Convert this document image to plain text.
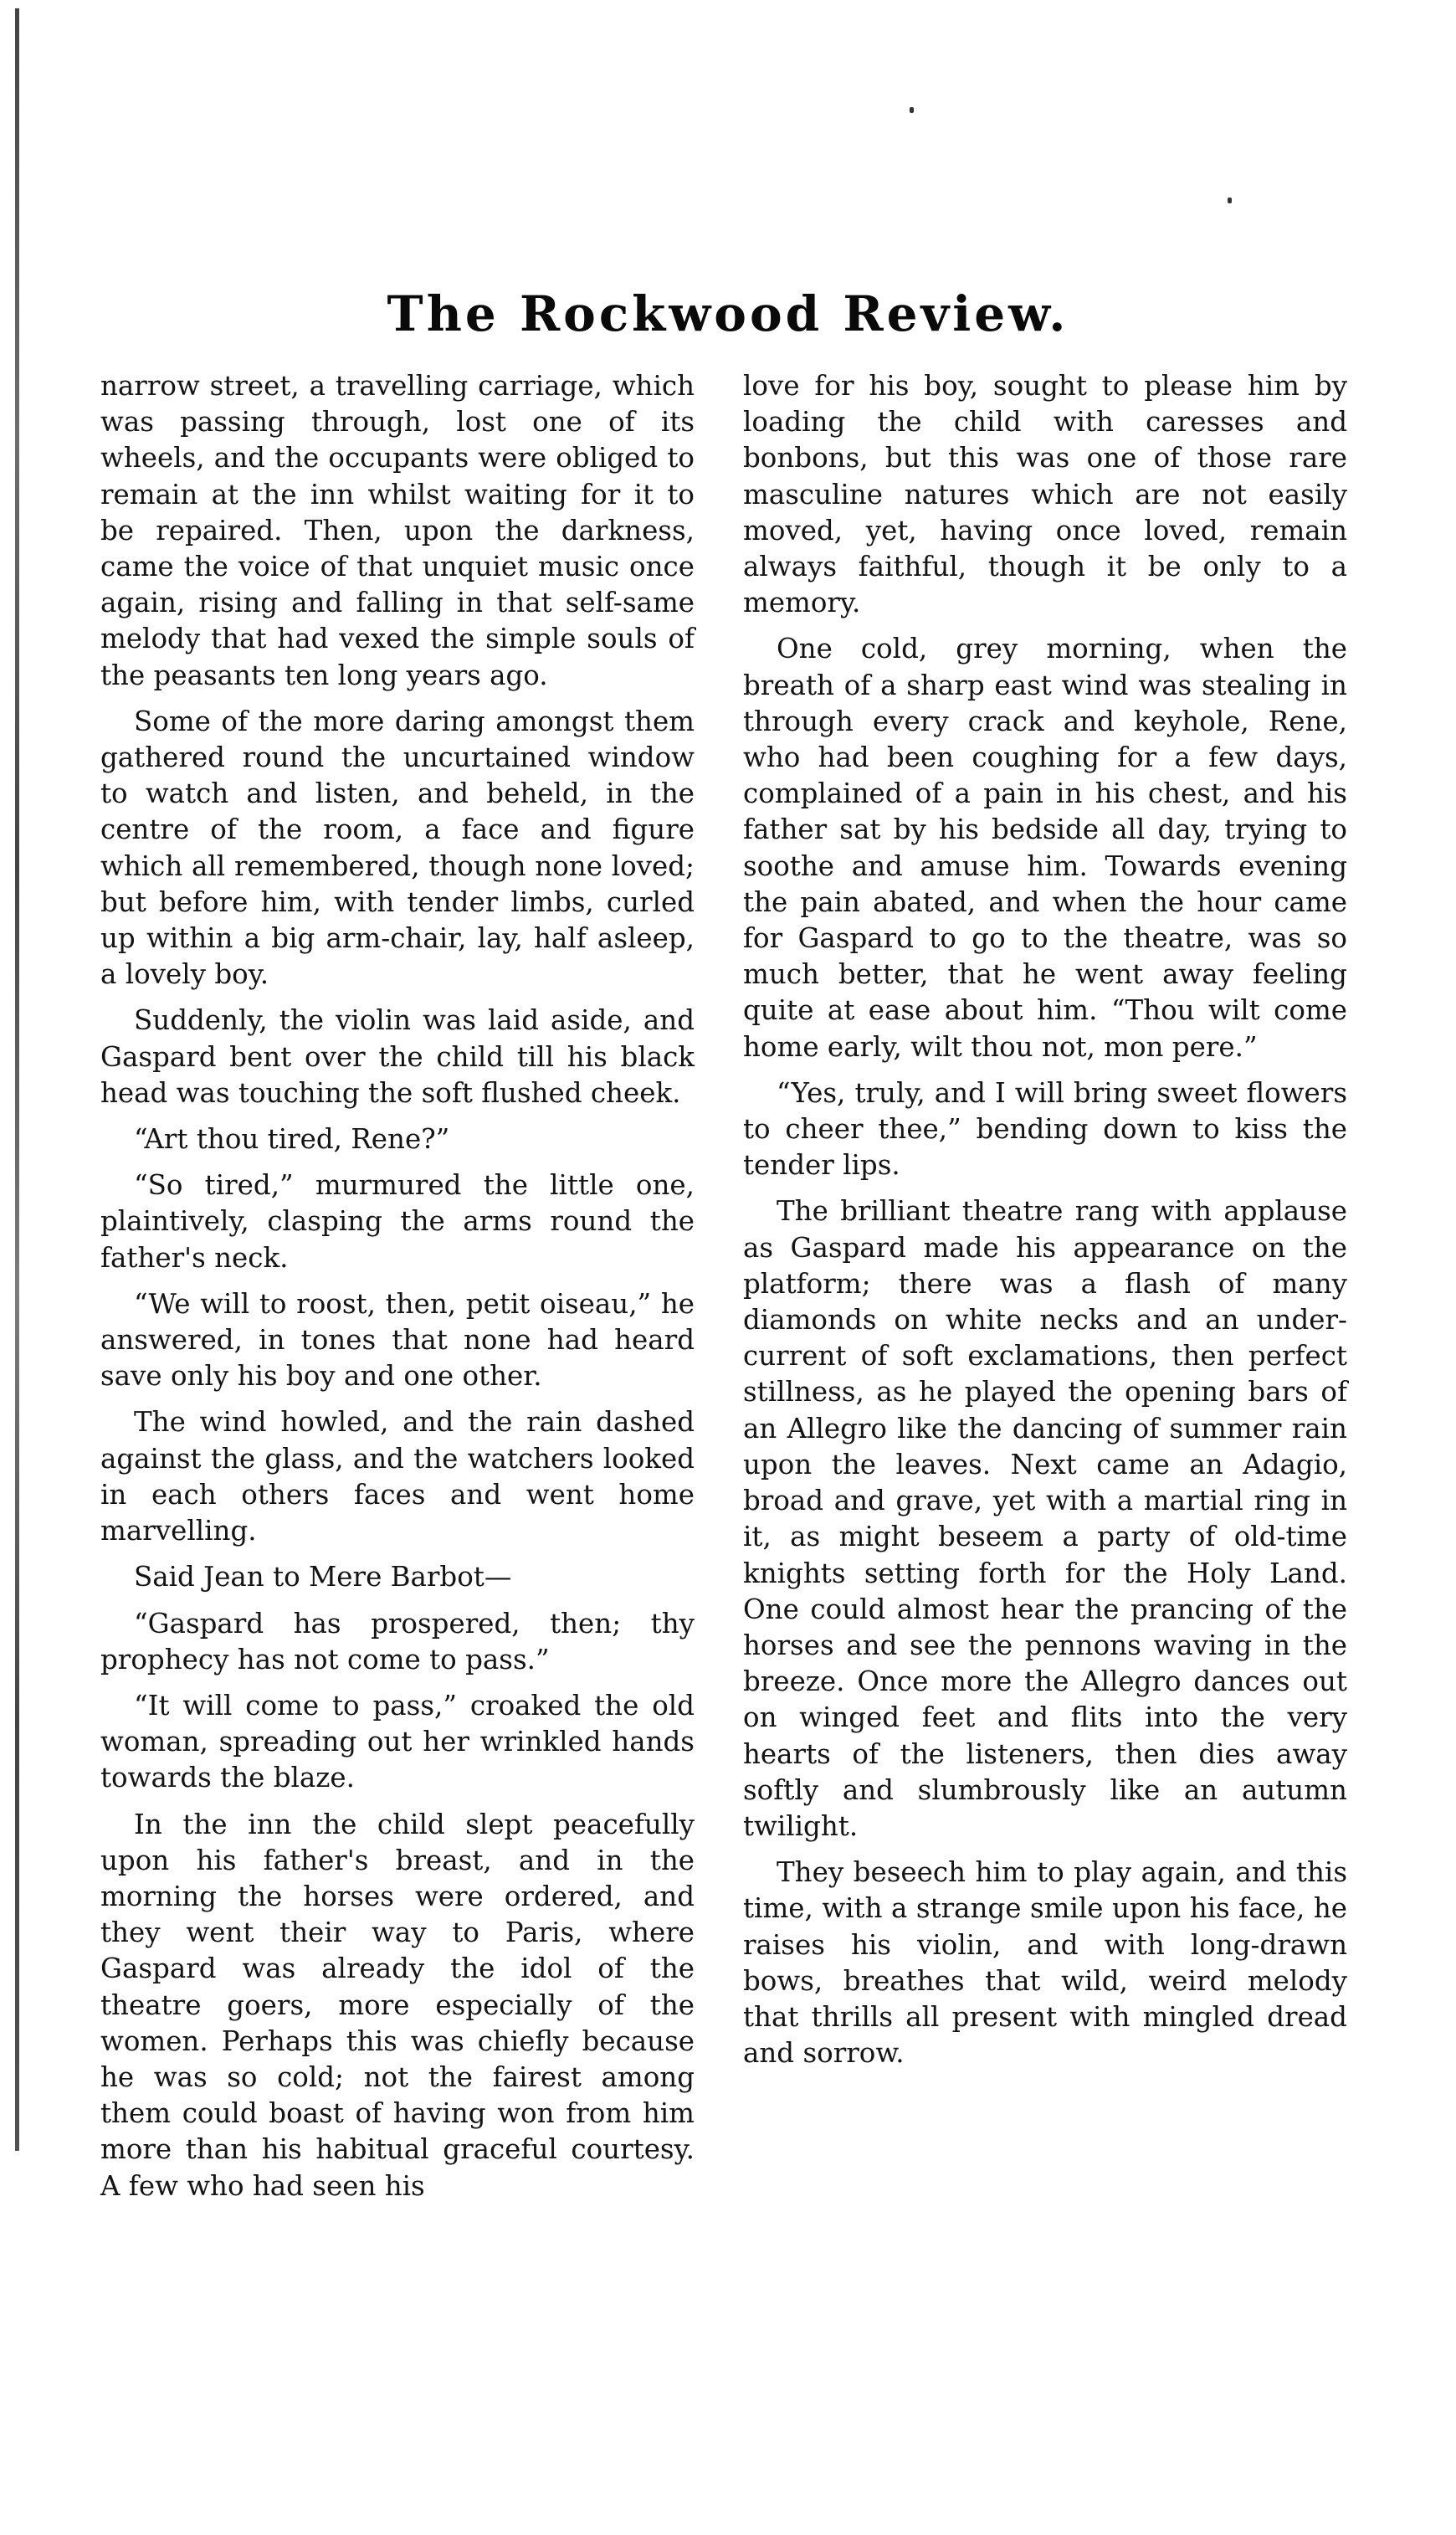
The Rockwood Review.

narrow street, a travelling carriage, which was passing through, lost one of its wheels, and the occupants were obliged to remain at the inn whilst waiting for it to be repaired. Then, upon the darkness, came the voice of that unquiet music once again, rising and falling in that self-same melody that had vexed the simple souls of the peasants ten long years ago.

Some of the more daring amongst them gathered round the uncurtained window to watch and listen, and beheld, in the centre of the room, a face and figure which all remembered, though none loved; but before him, with tender limbs, curled up within a big arm-chair, lay, half asleep, a lovely boy.

Suddenly, the violin was laid aside, and Gaspard bent over the child till his black head was touching the soft flushed cheek.

“Art thou tired, Rene?”

“So tired,” murmured the little one, plaintively, clasping the arms round the father's neck.

“We will to roost, then, petit oiseau,” he answered, in tones that none had heard save only his boy and one other.

The wind howled, and the rain dashed against the glass, and the watchers looked in each others faces and went home marvelling.

Said Jean to Mere Barbot—

“Gaspard has prospered, then; thy prophecy has not come to pass.”

“It will come to pass,” croaked the old woman, spreading out her wrinkled hands towards the blaze.

In the inn the child slept peacefully upon his father's breast, and in the morning the horses were ordered, and they went their way to Paris, where Gaspard was already the idol of the theatre goers, more especially of the women. Perhaps this was chiefly because he was so cold; not the fairest among them could boast of having won from him more than his habitual graceful courtesy. A few who had seen his

love for his boy, sought to please him by loading the child with caresses and bonbons, but this was one of those rare masculine natures which are not easily moved, yet, having once loved, remain always faithful, though it be only to a memory.

One cold, grey morning, when the breath of a sharp east wind was stealing in through every crack and keyhole, Rene, who had been coughing for a few days, complained of a pain in his chest, and his father sat by his bedside all day, trying to soothe and amuse him. Towards evening the pain abated, and when the hour came for Gaspard to go to the theatre, was so much better, that he went away feeling quite at ease about him. “Thou wilt come home early, wilt thou not, mon pere.”

“Yes, truly, and I will bring sweet flowers to cheer thee,” bending down to kiss the tender lips.

The brilliant theatre rang with applause as Gaspard made his appearance on the platform; there was a flash of many diamonds on white necks and an under-current of soft exclamations, then perfect stillness, as he played the opening bars of an Allegro like the dancing of summer rain upon the leaves. Next came an Adagio, broad and grave, yet with a martial ring in it, as might beseem a party of old-time knights setting forth for the Holy Land. One could almost hear the prancing of the horses and see the pennons waving in the breeze. Once more the Allegro dances out on winged feet and flits into the very hearts of the listeners, then dies away softly and slumbrously like an autumn twilight.

They beseech him to play again, and this time, with a strange smile upon his face, he raises his violin, and with long-drawn bows, breathes that wild, weird melody that thrills all present with mingled dread and sorrow.
